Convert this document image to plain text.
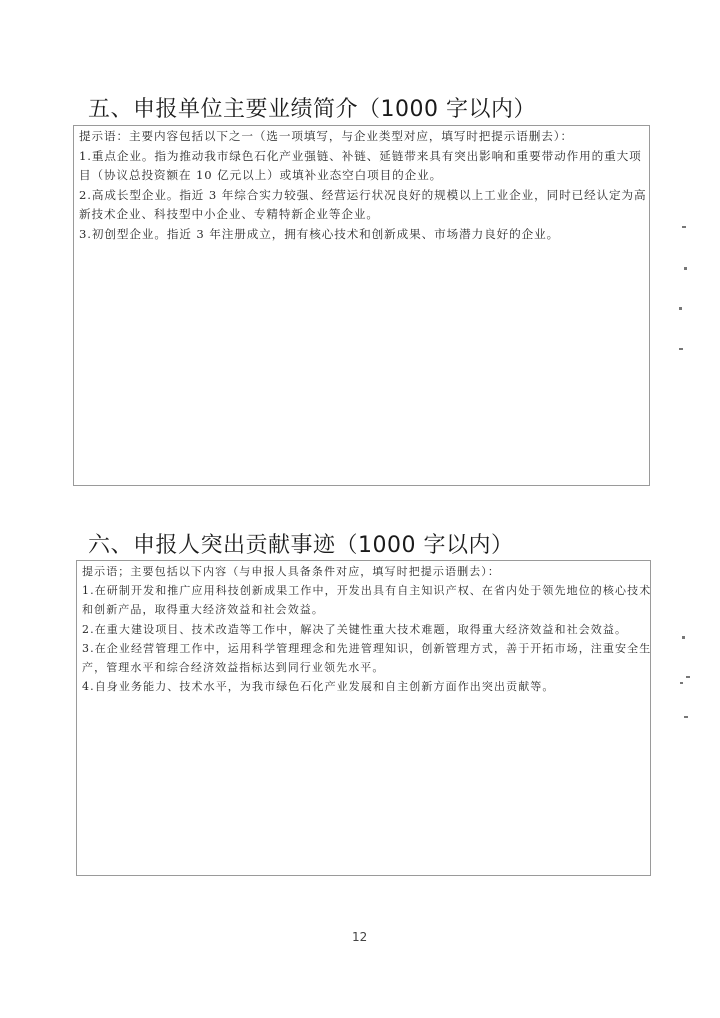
五、申报单位主要业绩简介（1000 字以内）
提示语：主要内容包括以下之一（选一项填写，与企业类型对应，填写时把提示语删去）：
1.重点企业。指为推动我市绿色石化产业强链、补链、延链带来具有突出影响和重要带动作用的重大项
目（协议总投资额在 10 亿元以上）或填补业态空白项目的企业。
2.高成长型企业。指近 3 年综合实力较强、经营运行状况良好的规模以上工业企业，同时已经认定为高
新技术企业、科技型中小企业、专精特新企业等企业。
3.初创型企业。指近 3 年注册成立，拥有核心技术和创新成果、市场潜力良好的企业。
六、申报人突出贡献事迹（1000 字以内）
提示语；主要包括以下内容（与申报人具备条件对应，填写时把提示语删去）：
1.在研制开发和推广应用科技创新成果工作中，开发出具有自主知识产权、在省内处于领先地位的核心技术
和创新产品，取得重大经济效益和社会效益。
2.在重大建设项目、技术改造等工作中，解决了关键性重大技术难题，取得重大经济效益和社会效益。
3.在企业经营管理工作中，运用科学管理理念和先进管理知识，创新管理方式，善于开拓市场，注重安全生
产，管理水平和综合经济效益指标达到同行业领先水平。
4.自身业务能力、技术水平，为我市绿色石化产业发展和自主创新方面作出突出贡献等。
12
